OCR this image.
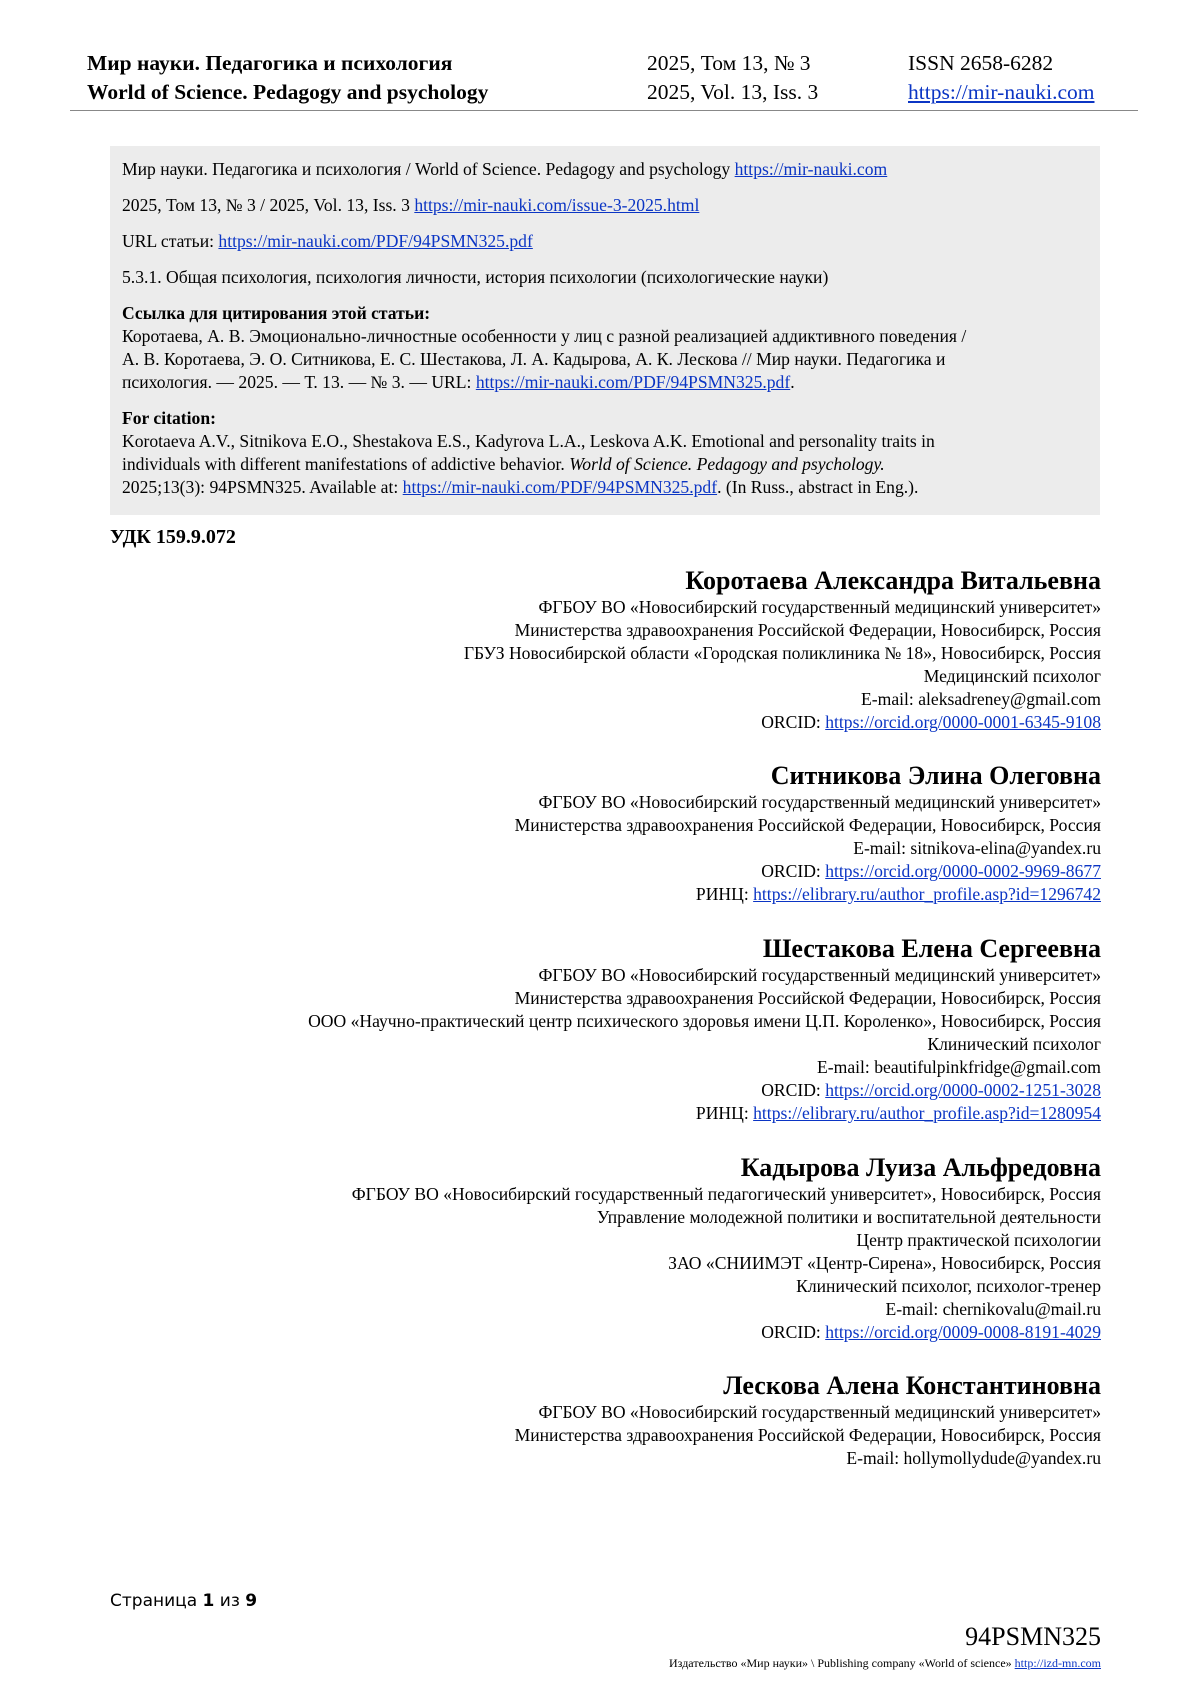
Мир науки. Педагогика и психология	2025, Том 13, № 3	ISSN 2658-6282
World of Science. Pedagogy and psychology	2025, Vol. 13, Iss. 3	https://mir-nauki.com
Мир науки. Педагогика и психология / World of Science. Pedagogy and psychology https://mir-nauki.com
2025, Том 13, № 3 / 2025, Vol. 13, Iss. 3 https://mir-nauki.com/issue-3-2025.html
URL статьи: https://mir-nauki.com/PDF/94PSMN325.pdf
5.3.1. Общая психология, психология личности, история психологии (психологические науки)
Ссылка для цитирования этой статьи:
Коротаева, А. В. Эмоционально-личностные особенности у лиц с разной реализацией аддиктивного поведения /
А. В. Коротаева, Э. О. Ситникова, Е. С. Шестакова, Л. А. Кадырова, А. К. Лескова // Мир науки. Педагогика и
психология. — 2025. — Т. 13. — № 3. — URL: https://mir-nauki.com/PDF/94PSMN325.pdf.
For citation:
Korotaeva A.V., Sitnikova E.O., Shestakova E.S., Kadyrova L.A., Leskova A.K. Emotional and personality traits in
individuals with different manifestations of addictive behavior. World of Science. Pedagogy and psychology.
2025;13(3): 94PSMN325. Available at: https://mir-nauki.com/PDF/94PSMN325.pdf. (In Russ., abstract in Eng.).
УДК 159.9.072
Коротаева Александра Витальевна
ФГБОУ ВО «Новосибирский государственный медицинский университет»
Министерства здравоохранения Российской Федерации, Новосибирск, Россия
ГБУЗ Новосибирской области «Городская поликлиника № 18», Новосибирск, Россия
Медицинский психолог
E-mail: aleksadreney@gmail.com
ORCID: https://orcid.org/0000-0001-6345-9108
Ситникова Элина Олеговна
ФГБОУ ВО «Новосибирский государственный медицинский университет»
Министерства здравоохранения Российской Федерации, Новосибирск, Россия
E-mail: sitnikova-elina@yandex.ru
ORCID: https://orcid.org/0000-0002-9969-8677
РИНЦ: https://elibrary.ru/author_profile.asp?id=1296742
Шестакова Елена Сергеевна
ФГБОУ ВО «Новосибирский государственный медицинский университет»
Министерства здравоохранения Российской Федерации, Новосибирск, Россия
ООО «Научно-практический центр психического здоровья имени Ц.П. Короленко», Новосибирск, Россия
Клинический психолог
E-mail: beautifulpinkfridge@gmail.com
ORCID: https://orcid.org/0000-0002-1251-3028
РИНЦ: https://elibrary.ru/author_profile.asp?id=1280954
Кадырова Луиза Альфредовна
ФГБОУ ВО «Новосибирский государственный педагогический университет», Новосибирск, Россия
Управление молодежной политики и воспитательной деятельности
Центр практической психологии
ЗАО «СНИИМЭТ «Центр-Сирена», Новосибирск, Россия
Клинический психолог, психолог-тренер
E-mail: chernikovalu@mail.ru
ORCID: https://orcid.org/0009-0008-8191-4029
Лескова Алена Константиновна
ФГБОУ ВО «Новосибирский государственный медицинский университет»
Министерства здравоохранения Российской Федерации, Новосибирск, Россия
E-mail: hollymollydude@yandex.ru
Страница 1 из 9
94PSMN325
Издательство «Мир науки» \ Publishing company «World of science» http://izd-mn.com
